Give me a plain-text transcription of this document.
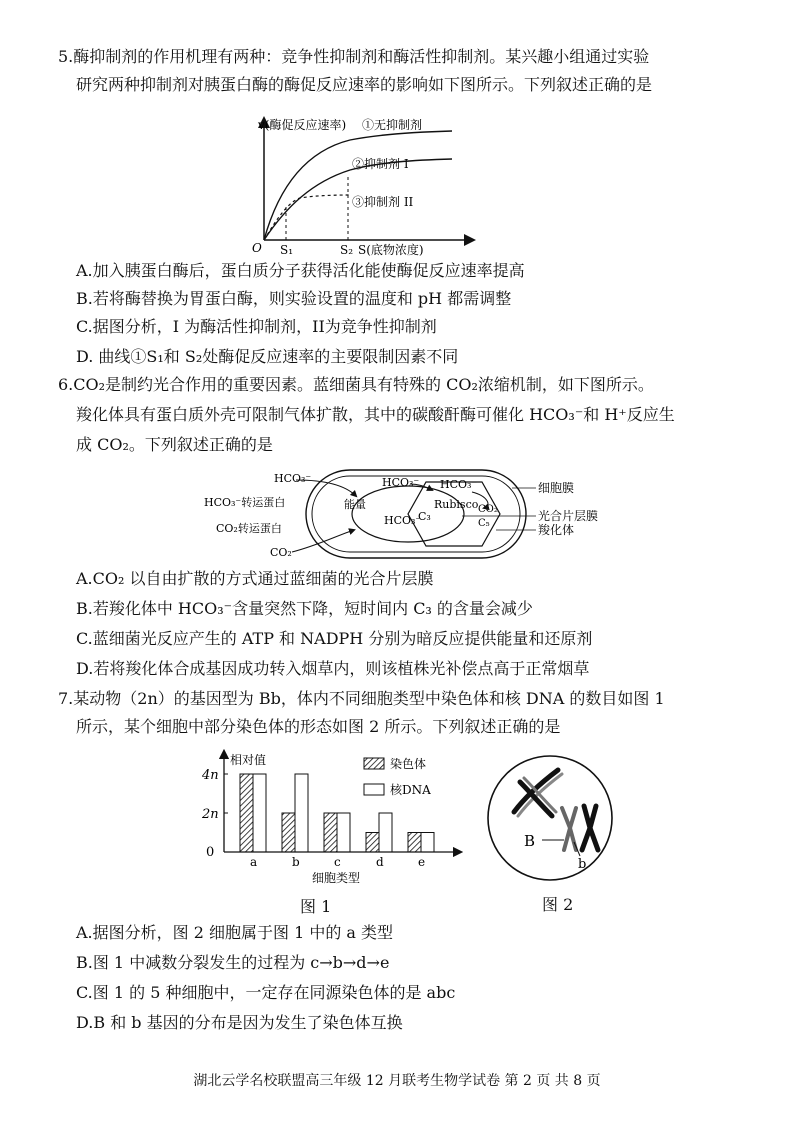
5.酶抑制剂的作用机理有两种：竞争性抑制剂和酶活性抑制剂。某兴趣小组通过实验
研究两种抑制剂对胰蛋白酶的酶促反应速率的影响如下图所示。下列叙述正确的是
v(酶促反应速率) ①无抑制剂
②抑制剂 I
③抑制剂 II
O S₁	S₂ S(底物浓度)
A.加入胰蛋白酶后，蛋白质分子获得活化能使酶促反应速率提高
B.若将酶替换为胃蛋白酶，则实验设置的温度和 pH 都需调整
C.据图分析，I 为酶活性抑制剂，II为竞争性抑制剂
D. 曲线①S₁和 S₂处酶促反应速率的主要限制因素不同
6.CO₂是制约光合作用的重要因素。蓝细菌具有特殊的 CO₂浓缩机制，如下图所示。
羧化体具有蛋白质外壳可限制气体扩散，其中的碳酸酐酶可催化 HCO₃⁻和 H⁺反应生
成 CO₂。下列叙述正确的是
HCO₃⁻
HCO₃⁻转运蛋白
CO₂转运蛋白
CO₂
能量
HCO₃⁻
HCO₃⁻
HCO₃⁻
Rubisco
C₃
CO₂
C₅
细胞膜
光合片层膜
羧化体
A.CO₂ 以自由扩散的方式通过蓝细菌的光合片层膜
B.若羧化体中 HCO₃⁻含量突然下降，短时间内 C₃ 的含量会减少
C.蓝细菌光反应产生的 ATP 和 NADPH 分别为暗反应提供能量和还原剂
D.若将羧化体合成基因成功转入烟草内，则该植株光补偿点高于正常烟草
7.某动物（2n）的基因型为 Bb，体内不同细胞类型中染色体和核 DNA 的数目如图 1
所示，某个细胞中部分染色体的形态如图 2 所示。下列叙述正确的是
a	b	c	d	e
相对值
细胞类型
0
2n
4n
染色体
核DNA
B
b
图 1	图 2
A.据图分析，图 2 细胞属于图 1 中的 a 类型
B.图 1 中减数分裂发生的过程为 c→b→d→e
C.图 1 的 5 种细胞中，一定存在同源染色体的是 abc
D.B 和 b 基因的分布是因为发生了染色体互换
湖北云学名校联盟高三年级 12 月联考生物学试卷 第 2 页 共 8 页
